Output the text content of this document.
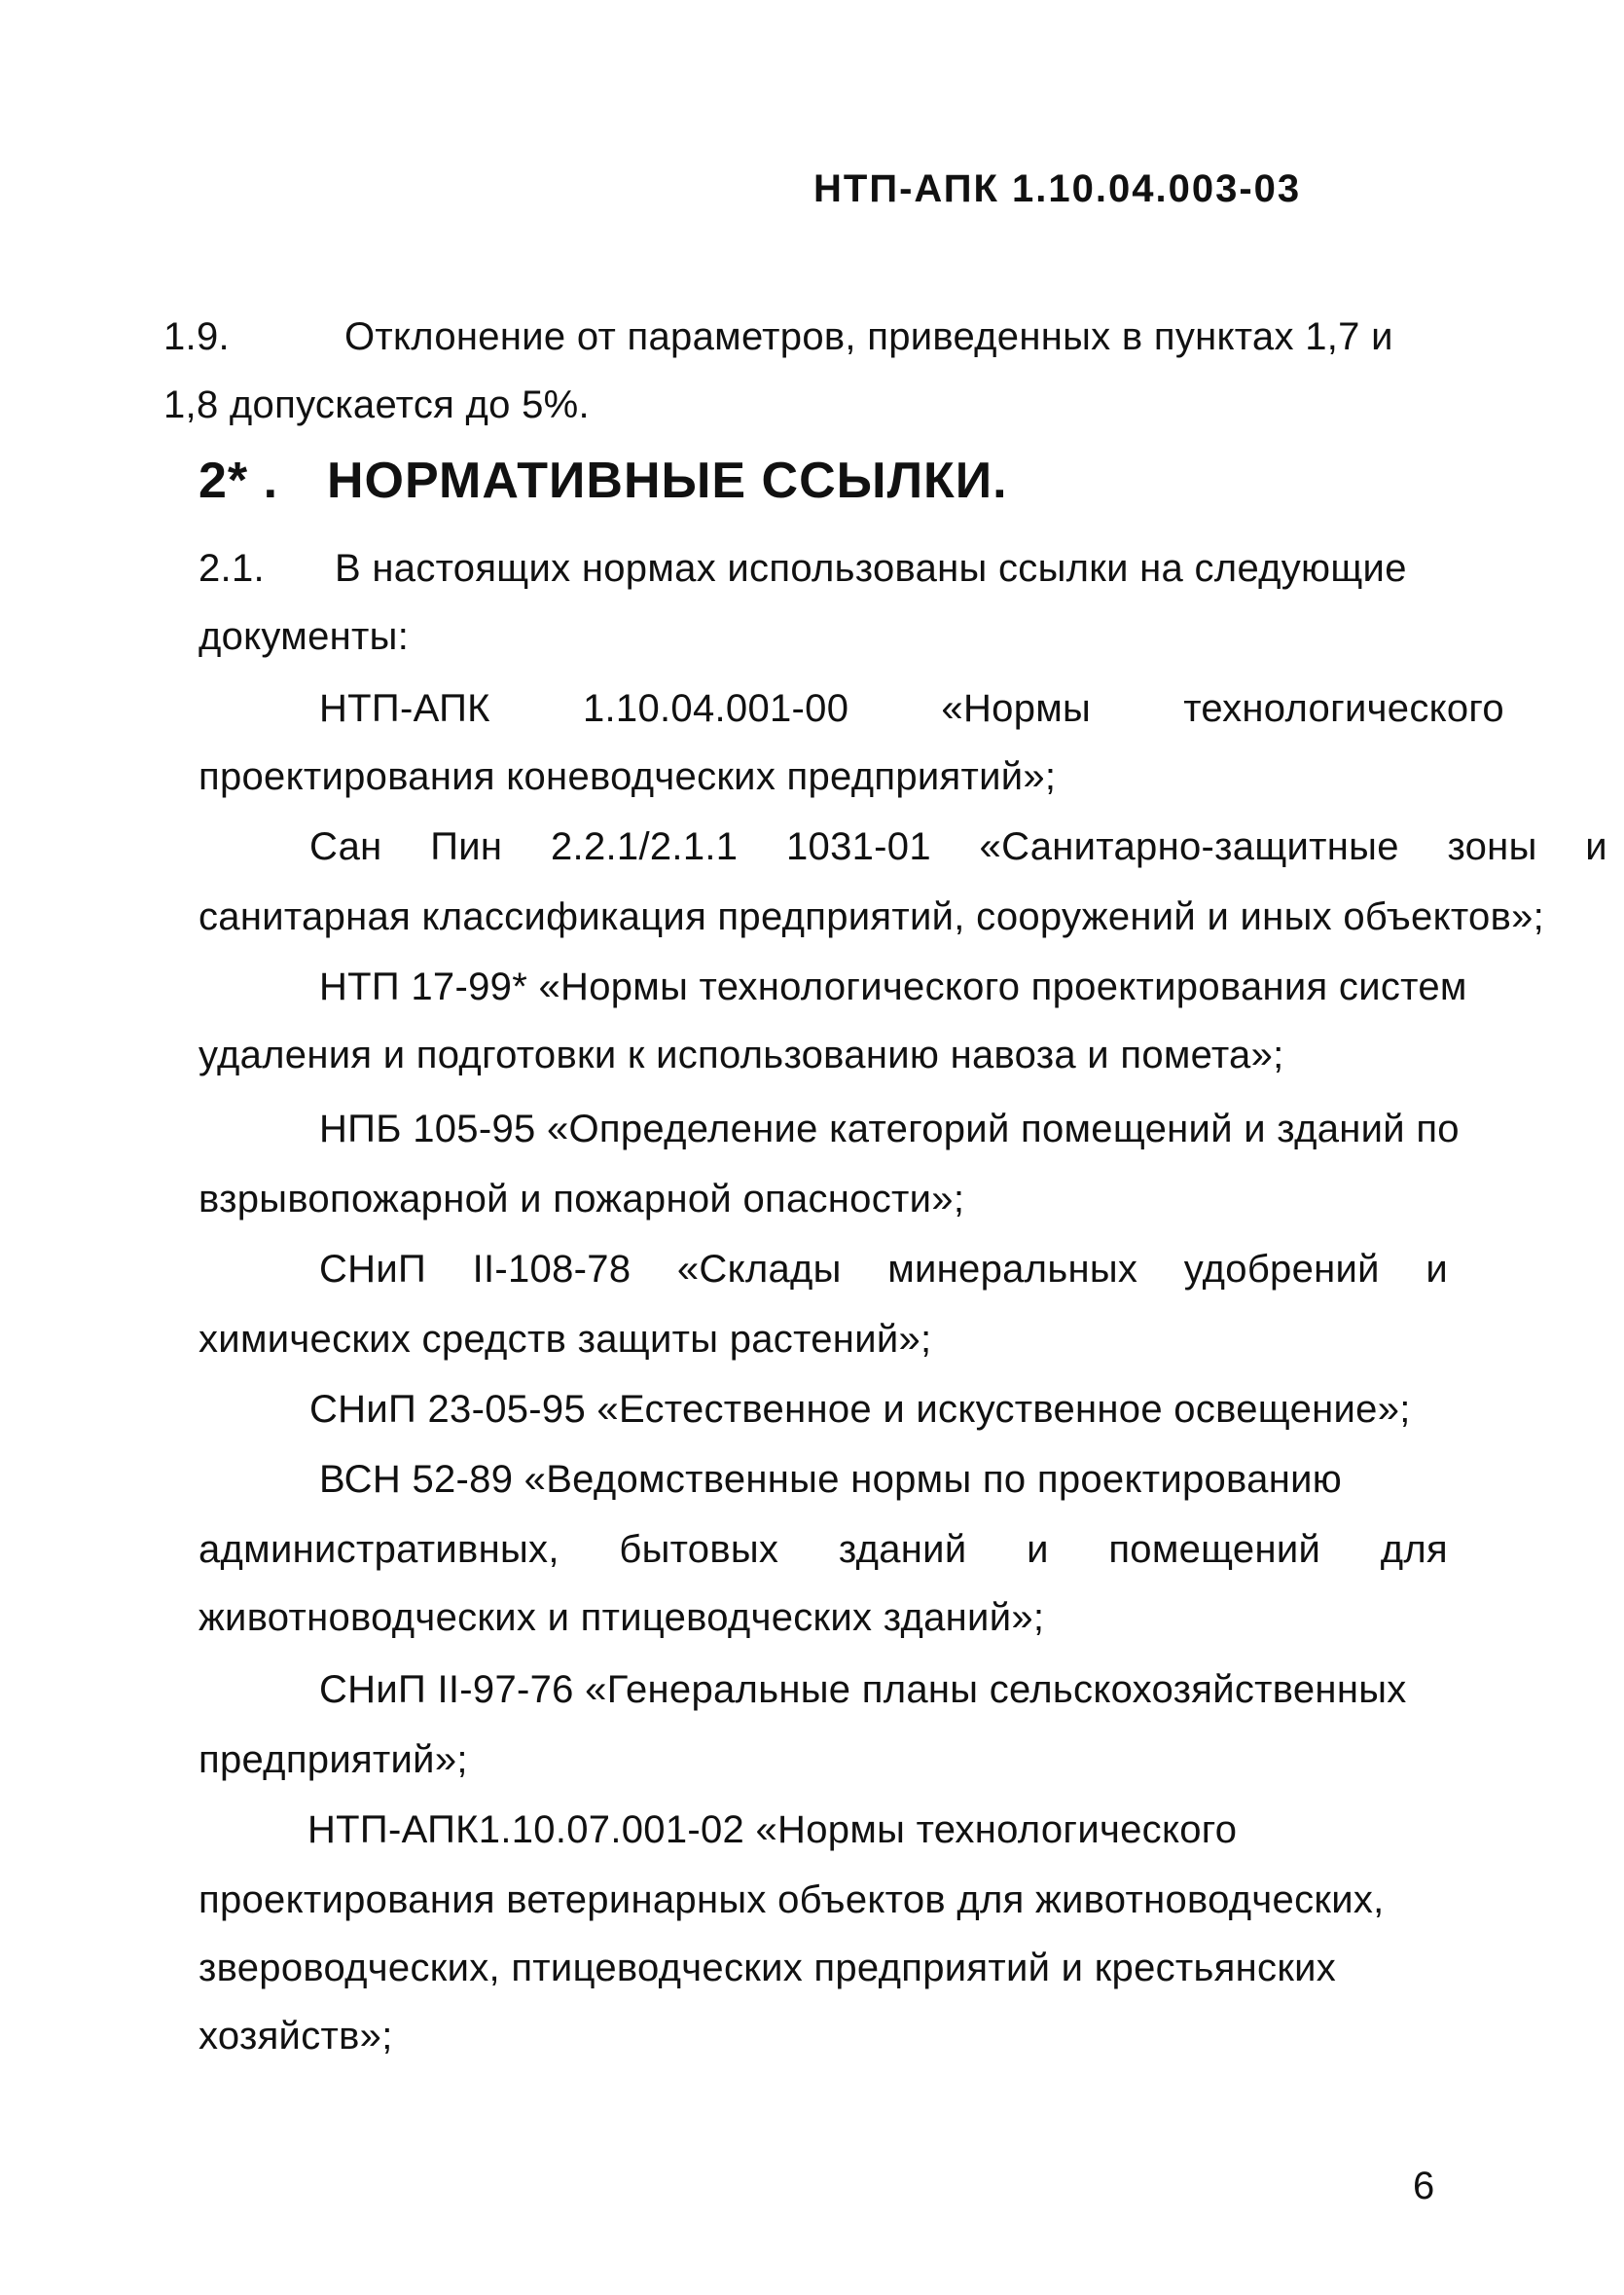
НТП-АПК 1.10.04.003-03
1.9.	Отклонение от параметров, приведенных в пунктах 1,7 и
1,8 допускается до 5%.
2* . НОРМАТИВНЫЕ ССЫЛКИ.
2.1. В настоящих нормах использованы ссылки на следующие
документы:
НТП-АПК 1.10.04.001-00 «Нормы технологического
проектирования коневодческих предприятий»;
Сан Пин 2.2.1/2.1.1 1031-01 «Санитарно-защитные зоны и
санитарная классификация предприятий, сооружений и иных объектов»;
НТП 17-99* «Нормы технологического проектирования систем
удаления и подготовки к использованию навоза и помета»;
НПБ 105-95 «Определение категорий помещений и зданий по
взрывопожарной и пожарной опасности»;
СНиП II-108-78 «Склады минеральных удобрений и
химических средств защиты растений»;
СНиП 23-05-95 «Естественное и искуственное освещение»;
ВСН 52-89 «Ведомственные нормы по проектированию
административных, бытовых зданий и помещений для
животноводческих и птицеводческих зданий»;
СНиП II-97-76 «Генеральные планы сельскохозяйственных
предприятий»;
НТП-АПК1.10.07.001-02 «Нормы технологического
проектирования ветеринарных объектов для животноводческих,
звероводческих, птицеводческих предприятий и крестьянских
хозяйств»;
6
